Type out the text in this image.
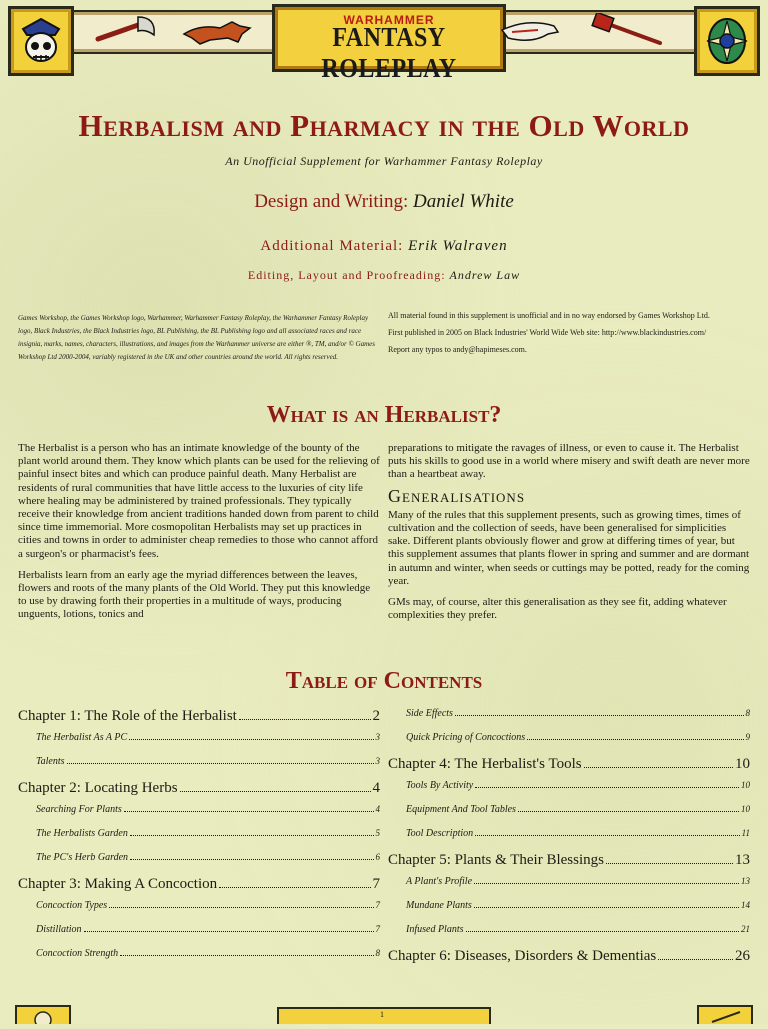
WARHAMMER
FANTASY ROLEPLAY
Herbalism and Pharmacy in the Old World
An Unofficial Supplement for Warhammer Fantasy Roleplay
Design and Writing: Daniel White
Additional Material: Erik Walraven
Editing, Layout and Proofreading: Andrew Law
Games Workshop, the Games Workshop logo, Warhammer, Warhammer Fantasy Roleplay, the Warhammer Fantasy Roleplay logo, Black Industries, the Black Industries logo, BL Publishing, the BL Publishing logo and all associated races and race insignia, marks, names, characters, illustrations, and images from the Warhammer universe are either ®, TM, and/or © Games Workshop Ltd 2000-2004, variably registered in the UK and other countries around the world. All rights reserved.

All material found in this supplement is unofficial and in no way endorsed by Games Workshop Ltd.

First published in 2005 on Black Industries' World Wide Web site: http://www.blackindustries.com/

Report any typos to andy@hapimeses.com.

What is an Herbalist?

The Herbalist is a person who has an intimate knowledge of the bounty of the plant world around them. They know which plants can be used for the relieving of painful insect bites and which can produce painful death. Many Herbalist are residents of rural communities that have little access to the luxuries of city life where healing may be administered by trained professionals. They typically receive their knowledge from ancient traditions handed down from parent to child since time immemorial. More cosmopolitan Herbalists may set up practices in cities and towns in order to administer cheap remedies to those who cannot afford a surgeon's or pharmacist's fees.

Herbalists learn from an early age the myriad differences between the leaves, flowers and roots of the many plants of the Old World. They put this knowledge to use by drawing forth their properties in a multitude of ways, producing unguents, lotions, tonics and

preparations to mitigate the ravages of illness, or even to cause it. The Herbalist puts his skills to good use in a world where misery and swift death are never more than a heartbeat away.

Generalisations

Many of the rules that this supplement presents, such as growing times, times of cultivation and the collection of seeds, have been generalised for simplicities sake. Different plants obviously flower and grow at differing times of year, but this supplement assumes that plants flower in spring and summer and are dormant in autumn and winter, when seeds or cuttings may be potted, ready for the coming year.

GMs may, of course, alter this generalisation as they see fit, adding whatever complexities they prefer.

Table of Contents
Chapter 1: The Role of the Herbalist	2
The Herbalist As A PC	3
Talents	3
Chapter 2: Locating Herbs	4
Searching For Plants	4
The Herbalists Garden	5
The PC's Herb Garden	6
Chapter 3: Making A Concoction	7
Concoction Types	7
Distillation	7
Concoction Strength	8
Side Effects	8
Quick Pricing of Concoctions	9
Chapter 4: The Herbalist's Tools	10
Tools By Activity	10
Equipment And Tool Tables	10
Tool Description	11
Chapter 5: Plants & Their Blessings	13
A Plant's Profile	13
Mundane Plants	14
Infused Plants	21
Chapter 6: Diseases, Disorders & Dementias	26
1
